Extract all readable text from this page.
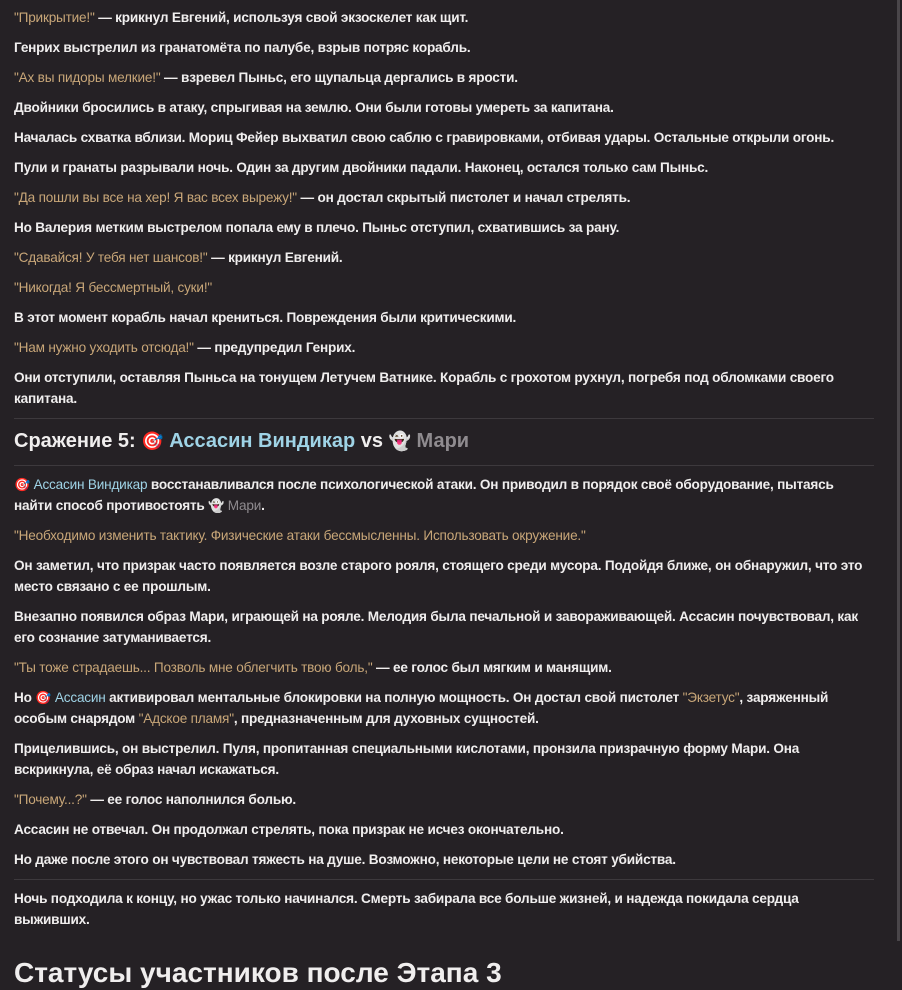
"Прикрытие!" — крикнул Евгений, используя свой экзоскелет как щит.

Генрих выстрелил из гранатомёта по палубе, взрыв потряс корабль.

"Ах вы пидоры мелкие!" — взревел Пыньс, его щупальца дергались в ярости.

Двойники бросились в атаку, спрыгивая на землю. Они были готовы умереть за капитана.

Началась схватка вблизи. Мориц Фейер выхватил свою саблю с гравировками, отбивая удары. Остальные открыли огонь.

Пули и гранаты разрывали ночь. Один за другим двойники падали. Наконец, остался только сам Пыньс.

"Да пошли вы все на хер! Я вас всех вырежу!" — он достал скрытый пистолет и начал стрелять.

Но Валерия метким выстрелом попала ему в плечо. Пыньс отступил, схватившись за рану.

"Сдавайся! У тебя нет шансов!" — крикнул Евгений.

"Никогда! Я бессмертный, суки!"

В этот момент корабль начал крениться. Повреждения были критическими.

"Нам нужно уходить отсюда!" — предупредил Генрих.

Они отступили, оставляя Пыньса на тонущем Летучем Ватнике. Корабль с грохотом рухнул, погребя под обломками своего капитана.

Сражение 5: 🎯 Ассасин Виндикар vs 👻 Мари

🎯 Ассасин Виндикар восстанавливался после психологической атаки. Он приводил в порядок своё оборудование, пытаясь найти способ противостоять 👻 Мари.

"Необходимо изменить тактику. Физические атаки бессмысленны. Использовать окружение."

Он заметил, что призрак часто появляется возле старого рояля, стоящего среди мусора. Подойдя ближе, он обнаружил, что это место связано с ее прошлым.

Внезапно появился образ Мари, играющей на рояле. Мелодия была печальной и завораживающей. Ассасин почувствовал, как его сознание затуманивается.

"Ты тоже страдаешь... Позволь мне облегчить твою боль," — ее голос был мягким и манящим.

Но 🎯 Ассасин активировал ментальные блокировки на полную мощность. Он достал свой пистолет "Экзетус", заряженный особым снарядом "Адское пламя", предназначенным для духовных сущностей.

Прицелившись, он выстрелил. Пуля, пропитанная специальными кислотами, пронзила призрачную форму Мари. Она вскрикнула, её образ начал искажаться.

"Почему...?" — ее голос наполнился болью.

Ассасин не отвечал. Он продолжал стрелять, пока призрак не исчез окончательно.

Но даже после этого он чувствовал тяжесть на душе. Возможно, некоторые цели не стоят убийства.

Ночь подходила к концу, но ужас только начинался. Смерть забирала все больше жизней, и надежда покидала сердца выживших.

Статусы участников после Этапа 3
